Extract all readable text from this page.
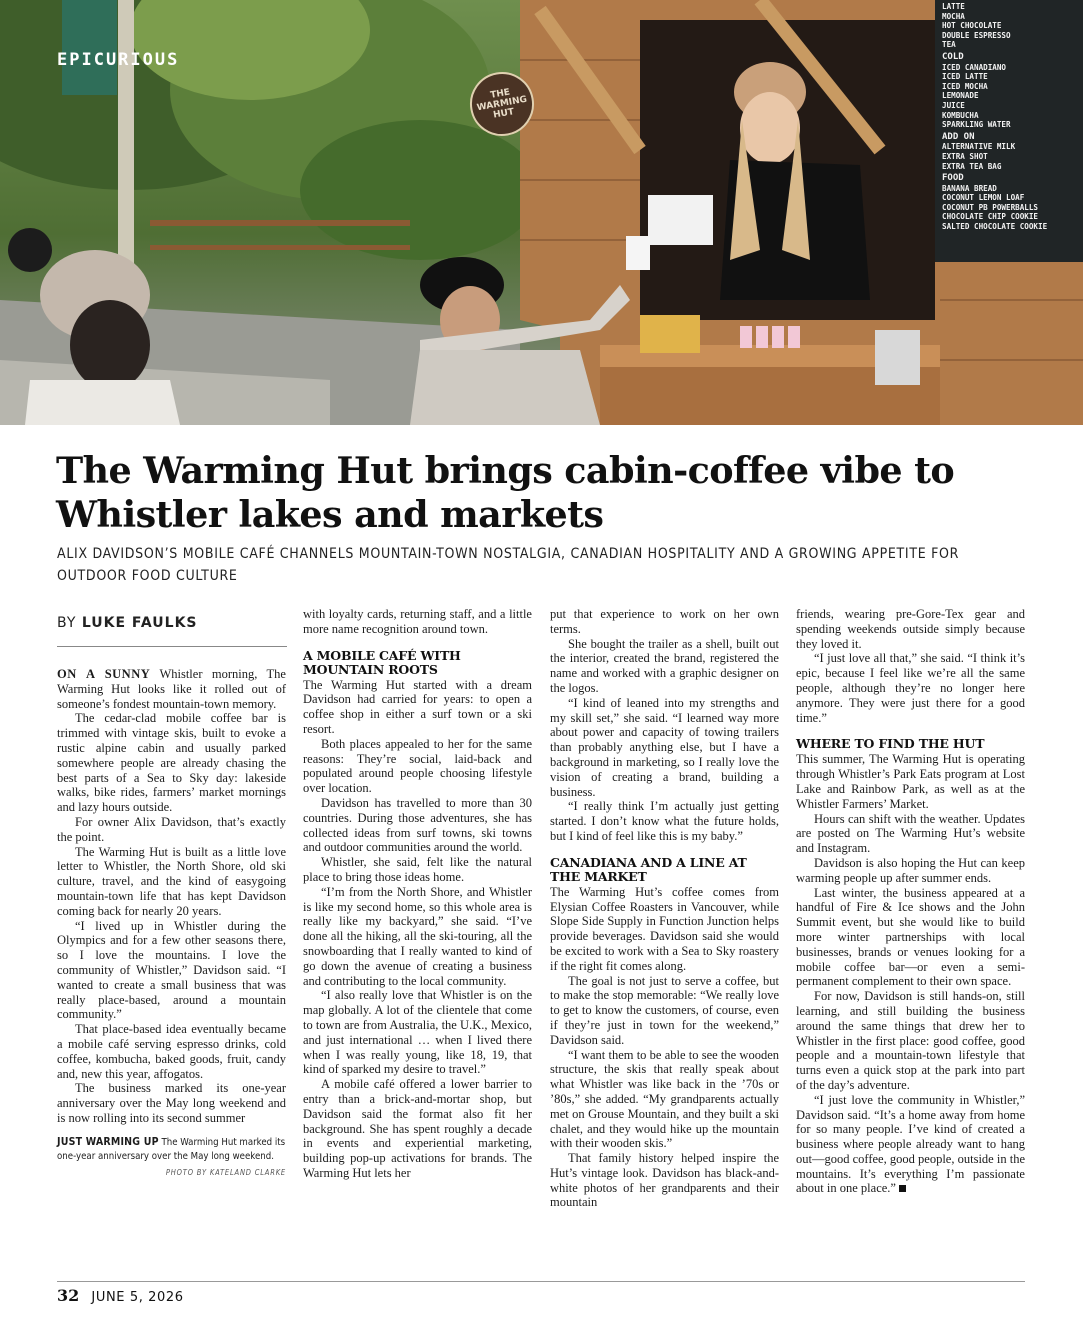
EPICURIOUS
THE WARMING HUT
LATTE
MOCHA
HOT CHOCOLATE
DOUBLE ESPRESSO
TEA
COLD
ICED CANADIANO
ICED LATTE
ICED MOCHA
LEMONADE
JUICE
KOMBUCHA
SPARKLING WATER
ADD ON
ALTERNATIVE MILK
EXTRA SHOT
EXTRA TEA BAG
FOOD
BANANA BREAD
COCONUT LEMON LOAF
COCONUT PB POWERBALLS
CHOCOLATE CHIP COOKIE
SALTED CHOCOLATE COOKIE
The Warming Hut brings cabin-coffee vibe to Whistler lakes and markets

ALIX DAVIDSON’S MOBILE CAFÉ CHANNELS MOUNTAIN-TOWN NOSTALGIA, CANADIAN HOSPITALITY AND A GROWING APPETITE FOR OUTDOOR FOOD CULTURE

BY LUKE FAULKS

ON A SUNNY Whistler morning, The Warming Hut looks like it rolled out of someone’s fondest mountain-town memory.

The cedar-clad mobile coffee bar is trimmed with vintage skis, built to evoke a rustic alpine cabin and usually parked somewhere people are already chasing the best parts of a Sea to Sky day: lakeside walks, bike rides, farmers’ market mornings and lazy hours outside.

For owner Alix Davidson, that’s exactly the point.

The Warming Hut is built as a little love letter to Whistler, the North Shore, old ski culture, travel, and the kind of easygoing mountain-town life that has kept Davidson coming back for nearly 20 years.

“I lived up in Whistler during the Olympics and for a few other seasons there, so I love the mountains. I love the community of Whistler,” Davidson said. “I wanted to create a small business that was really place-based, around a mountain community.”

That place-based idea eventually became a mobile café serving espresso drinks, cold coffee, kombucha, baked goods, fruit, candy and, new this year, affogatos.

The business marked its one-year anniversary over the May long weekend and is now rolling into its second summer

JUST WARMING UP The Warming Hut marked its one-year anniversary over the May long weekend.
PHOTO BY KATELAND CLARKE

with loyalty cards, returning staff, and a little more name recognition around town.

A MOBILE CAFÉ WITH MOUNTAIN ROOTS

The Warming Hut started with a dream Davidson had carried for years: to open a coffee shop in either a surf town or a ski resort.

Both places appealed to her for the same reasons: They’re social, laid-back and populated around people choosing lifestyle over location.

Davidson has travelled to more than 30 countries. During those adventures, she has collected ideas from surf towns, ski towns and outdoor communities around the world.

Whistler, she said, felt like the natural place to bring those ideas home.

“I’m from the North Shore, and Whistler is like my second home, so this whole area is really like my backyard,” she said. “I’ve done all the hiking, all the ski-touring, all the snowboarding that I really wanted to kind of go down the avenue of creating a business and contributing to the local community.

“I also really love that Whistler is on the map globally. A lot of the clientele that come to town are from Australia, the U.K., Mexico, and just international … when I lived there when I was really young, like 18, 19, that kind of sparked my desire to travel.”

A mobile café offered a lower barrier to entry than a brick-and-mortar shop, but Davidson said the format also fit her background. She has spent roughly a decade in events and experiential marketing, building pop-up activations for brands. The Warming Hut lets her

put that experience to work on her own terms.

She bought the trailer as a shell, built out the interior, created the brand, registered the name and worked with a graphic designer on the logos.

“I kind of leaned into my strengths and my skill set,” she said. “I learned way more about power and capacity of towing trailers than probably anything else, but I have a background in marketing, so I really love the vision of creating a brand, building a business.

“I really think I’m actually just getting started. I don’t know what the future holds, but I kind of feel like this is my baby.”

CANADIANA AND A LINE AT THE MARKET

The Warming Hut’s coffee comes from Elysian Coffee Roasters in Vancouver, while Slope Side Supply in Function Junction helps provide beverages. Davidson said she would be excited to work with a Sea to Sky roastery if the right fit comes along.

The goal is not just to serve a coffee, but to make the stop memorable: “We really love to get to know the customers, of course, even if they’re just in town for the weekend,” Davidson said.

“I want them to be able to see the wooden structure, the skis that really speak about what Whistler was like back in the ’70s or ’80s,” she added. “My grandparents actually met on Grouse Mountain, and they built a ski chalet, and they would hike up the mountain with their wooden skis.”

That family history helped inspire the Hut’s vintage look. Davidson has black-and-white photos of her grandparents and their mountain

friends, wearing pre-Gore-Tex gear and spending weekends outside simply because they loved it.

“I just love all that,” she said. “I think it’s epic, because I feel like we’re all the same people, although they’re no longer here anymore. They were just there for a good time.”

WHERE TO FIND THE HUT

This summer, The Warming Hut is operating through Whistler’s Park Eats program at Lost Lake and Rainbow Park, as well as at the Whistler Farmers’ Market.

Hours can shift with the weather. Updates are posted on The Warming Hut’s website and Instagram.

Davidson is also hoping the Hut can keep warming people up after summer ends.

Last winter, the business appeared at a handful of Fire & Ice shows and the John Summit event, but she would like to build more winter partnerships with local businesses, brands or venues looking for a mobile coffee bar—or even a semi-permanent complement to their own space.

For now, Davidson is still hands-on, still learning, and still building the business around the same things that drew her to Whistler in the first place: good coffee, good people and a mountain-town lifestyle that turns even a quick stop at the park into part of the day’s adventure.

“I just love the community in Whistler,” Davidson said. “It’s a home away from home for so many people. I’ve kind of created a business where people already want to hang out—good coffee, good people, outside in the mountains. It’s everything I’m passionate about in one place.”

32 JUNE 5, 2026
